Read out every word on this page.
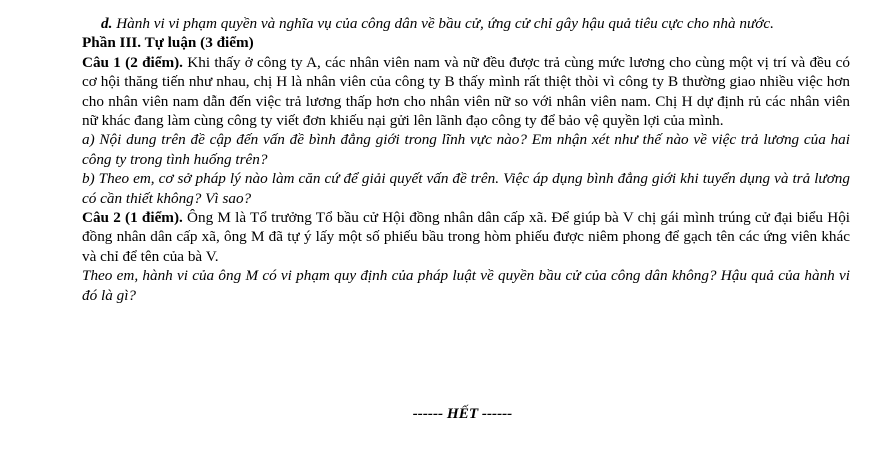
d. Hành vi vi phạm quyền và nghĩa vụ của công dân về bầu cử, ứng cử chỉ gây hậu quả tiêu cực cho nhà nước.

Phần III. Tự luận (3 điểm)

Câu 1 (2 điểm). Khi thấy ở công ty A, các nhân viên nam và nữ đều được trả cùng mức lương cho cùng một vị trí và đều có cơ hội thăng tiến như nhau, chị H là nhân viên của công ty B thấy mình rất thiệt thòi vì công ty B thường giao nhiều việc hơn cho nhân viên nam dẫn đến việc trả lương thấp hơn cho nhân viên nữ so với nhân viên nam. Chị H dự định rủ các nhân viên nữ khác đang làm cùng công ty viết đơn khiếu nại gửi lên lãnh đạo công ty để bảo vệ quyền lợi của mình.

a) Nội dung trên đề cập đến vấn đề bình đẳng giới trong lĩnh vực nào? Em nhận xét như thế nào về việc trả lương của hai công ty trong tình huống trên?

b) Theo em, cơ sở pháp lý nào làm căn cứ để giải quyết vấn đề trên. Việc áp dụng bình đẳng giới khi tuyển dụng và trả lương có cần thiết không? Vì sao?

Câu 2 (1 điểm). Ông M là Tổ trưởng Tổ bầu cử Hội đồng nhân dân cấp xã. Để giúp bà V chị gái mình trúng cử đại biểu Hội đồng nhân dân cấp xã, ông M đã tự ý lấy một số phiếu bầu trong hòm phiếu được niêm phong để gạch tên các ứng viên khác và chỉ để tên của bà V.

Theo em, hành vi của ông M có vi phạm quy định của pháp luật về quyền bầu cử của công dân không? Hậu quả của hành vi đó là gì?

------ HẾT ------
